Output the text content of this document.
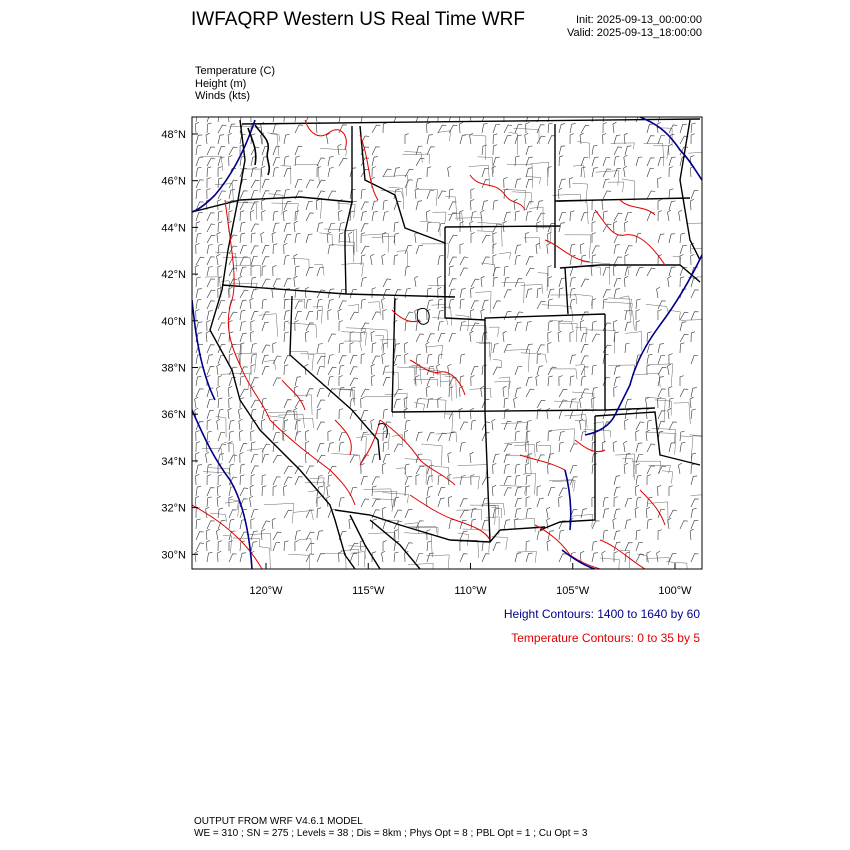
IWFAQRP Western US Real Time WRF	Init: 2025-09-13_00:00:00
Valid: 2025-09-13_18:00:00
Temperature (C)
Height (m)
Winds (kts)
48°N
46°N
44°N
42°N
40°N
38°N
36°N
34°N
32°N
30°N
120°W	115°W	110°W	105°W	100°W
Height Contours: 1400 to 1640 by 60
Temperature Contours: 0 to 35 by 5
OUTPUT FROM WRF V4.6.1 MODEL
WE = 310 ; SN = 275 ; Levels = 38 ; Dis = 8km ; Phys Opt = 8 ; PBL Opt = 1 ; Cu Opt = 3
